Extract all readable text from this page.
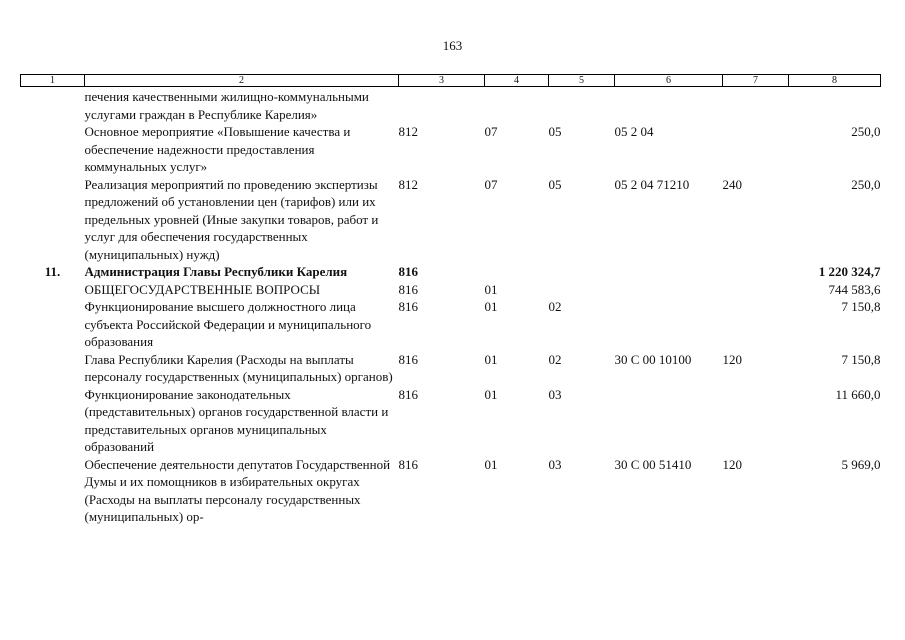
163
1	2	3	4	5	6	7	8
	печения качественными жилищно-коммунальными услугами граждан в Республике Карелия»						
	Основное мероприятие «Повышение качества и обеспечение надежности предоставления коммунальных услуг»	812	07	05	05 2 04		250,0
	Реализация мероприятий по проведению экспертизы предложений об установлении цен (тарифов) или их предельных уровней (Иные закупки товаров, работ и услуг для обеспечения государственных (муниципальных) нужд)	812	07	05	05 2 04 71210	240	250,0
11.	Администрация Главы Республики Карелия	816					1 220 324,7
	ОБЩЕГОСУДАРСТВЕННЫЕ ВОПРОСЫ	816	01				744 583,6
	Функционирование высшего должностного лица субъекта Российской Федерации и муниципального образования	816	01	02			7 150,8
	Глава Республики Карелия (Расходы на выплаты персоналу государственных (муниципальных) органов)	816	01	02	30 С 00 10100	120	7 150,8
	Функционирование законодательных (представительных) органов государственной власти и представительных органов муниципальных образований	816	01	03			11 660,0
	Обеспечение деятельности депутатов Государственной Думы и их помощников в избирательных округах (Расходы на выплаты персоналу государственных (муниципальных) ор-	816	01	03	30 С 00 51410	120	5 969,0
